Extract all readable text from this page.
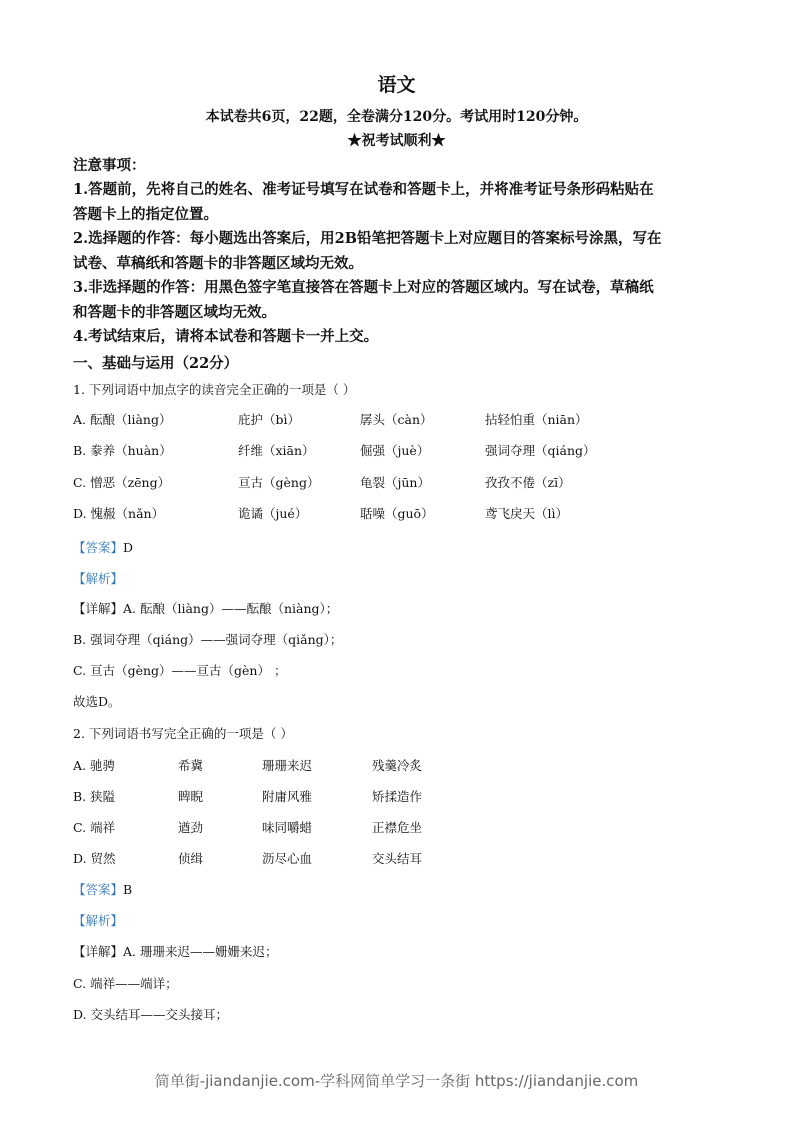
语文
本试卷共6页，22题，全卷满分120分。考试用时120分钟。
★祝考试顺利★
注意事项：
1.答题前，先将自己的姓名、准考证号填写在试卷和答题卡上，并将准考证号条形码粘贴在
答题卡上的指定位置。
2.选择题的作答：每小题选出答案后，用2B铅笔把答题卡上对应题目的答案标号涂黑，写在
试卷、草稿纸和答题卡的非答题区域均无效。
3.非选择题的作答：用黑色签字笔直接答在答题卡上对应的答题区域内。写在试卷，草稿纸
和答题卡的非答题区域均无效。
4.考试结束后，请将本试卷和答题卡一并上交。
一、基础与运用（22分）
1. 下列词语中加点字的读音完全正确的一项是（ ）
A. 酝酿（liàng）	庇护（bì）	孱头（càn）	拈轻怕重（niān）
B. 豢养（huàn）	纤维（xiān）	倔强（juè）	强词夺理（qiáng）
C. 憎恶（zēng）	亘古（gèng）	龟裂（jūn）	孜孜不倦（zī）
D. 愧赧（nǎn）	诡谲（jué）	聒噪（guō）	鸢飞戾天（lì）
【答案】D
【解析】
【详解】A. 酝酿（liàng）——酝酿（niàng）；
B. 强词夺理（qiáng）——强词夺理（qiǎng）；
C. 亘古（gèng）——亘古（gèn） ；
故选D。
2. 下列词语书写完全正确的一项是（ ）
A. 驰骋	希冀	珊珊来迟	残羹冷炙
B. 狭隘	睥睨	附庸风雅	矫揉造作
C. 端祥	遒劲	味同嚼蜡	正襟危坐
D. 贸然	侦缉	沥尽心血	交头结耳
【答案】B
【解析】
【详解】A. 珊珊来迟——姗姗来迟；
C. 端祥——端详；
D. 交头结耳——交头接耳；
简单街-jiandanjie.com-学科网简单学习一条街 https://jiandanjie.com
